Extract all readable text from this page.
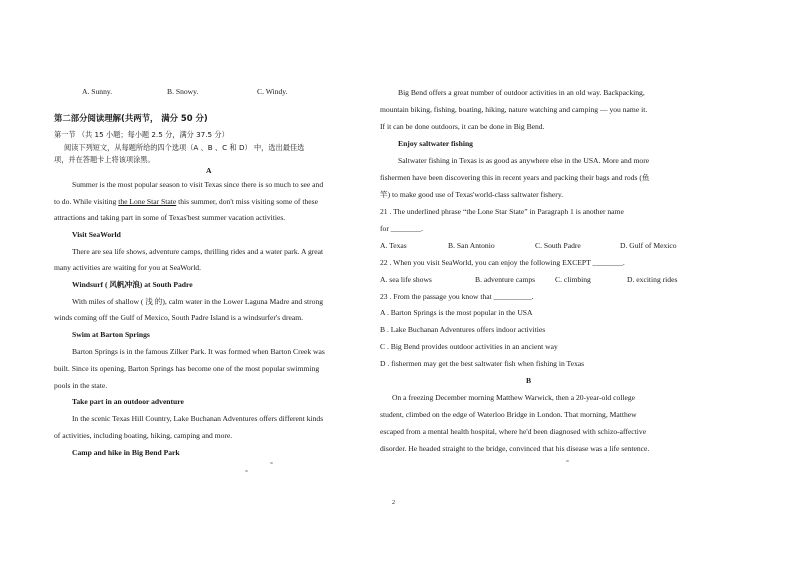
A. Sunny.	B. Snowy.	C. Windy.
第二部分阅读理解(共两节， 满分 50 分)
第一节 （共 15 小题；每小题 2.5 分，满分 37.5 分）
阅读下列短文，从每题所给的四个选项（A 、B 、C 和 D） 中，选出最佳选
项，并在答题卡上将该项涂黑。
A
Summer is the most popular season to visit Texas since there is so much to see and
to do. While visiting the Lone Star State this summer, don't miss visiting some of these
attractions and taking part in some of Texas'best summer vacation activities.
Visit SeaWorld
There are sea life shows, adventure camps, thrilling rides and a water park. A great
many activities are waiting for you at SeaWorld.
Windsurf ( 风帆冲浪) at South Padre
With miles of shallow ( 浅 的), calm water in the Lower Laguna Madre and strong
winds coming off the Gulf of Mexico, South Padre Island is a windsurfer's dream.
Swim at Barton Springs
Barton Springs is in the famous Zilker Park. It was formed when Barton Creek was
built. Since its opening, Barton Springs has become one of the most popular swimming
pools in the state.
Take part in an outdoor adventure
In the scenic Texas Hill Country, Lake Buchanan Adventures offers different kinds
of activities, including boating, hiking, camping and more.
Camp and hike in Big Bend Park
Big Bend offers a great number of outdoor activities in an old way. Backpacking,
mountain biking, fishing, boating, hiking, nature watching and camping — you name it.
If it can be done outdoors, it can be done in Big Bend.
Enjoy saltwater fishing
Saltwater fishing in Texas is as good as anywhere else in the USA. More and more
fishermen have been discovering this in recent years and packing their bags and rods (鱼
竿) to make good use of Texas'world-class saltwater fishery.
21 . The underlined phrase “the Lone Star State” in Paragraph 1 is another name
for ________.
A. Texas	B. San Antonio	C. South Padre	D. Gulf of Mexico
22 . When you visit SeaWorld, you can enjoy the following EXCEPT ________.
A. sea life shows	B. adventure camps	C. climbing	D. exciting rides
23 . From the passage you know that __________.
A . Barton Springs is the most popular in the USA
B . Lake Buchanan Adventures offers indoor activities
C . Big Bend provides outdoor activities in an ancient way
D . fishermen may get the best saltwater fish when fishing in Texas
B
On a freezing December morning Matthew Warwick, then a 20-year-old college
student, climbed on the edge of Waterloo Bridge in London. That morning, Matthew
escaped from a mental health hospital, where he'd been diagnosed with schizo-affective
disorder. He headed straight to the bridge, convinced that his disease was a life sentence.
2
